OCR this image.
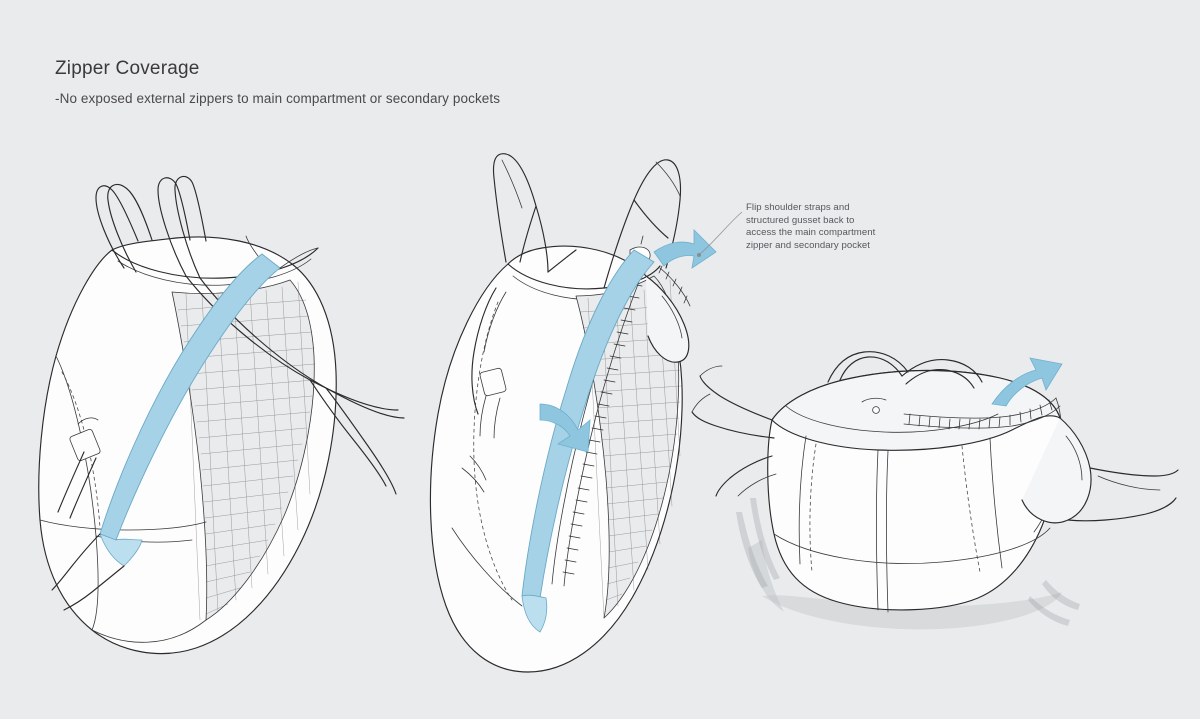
Zipper Coverage
-No exposed external zippers to main compartment or secondary pockets
Flip shoulder straps and
structured gusset back to
access the main compartment
zipper and secondary pocket
